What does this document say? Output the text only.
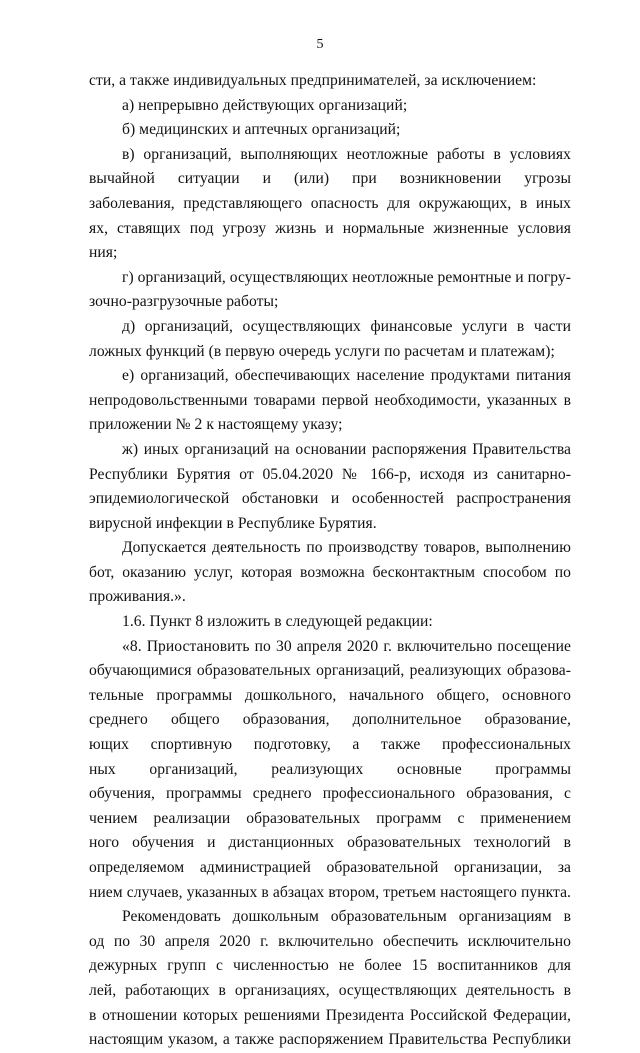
5
сти, а также индивидуальных предпринимателей, за исключением:
а) непрерывно действующих организаций;
б) медицинских и аптечных организаций;
в) организаций, выполняющих неотложные работы в условиях
вычайной ситуации и (или) при возникновении угрозы
заболевания, представляющего опасность для окружающих, в иных
ях, ставящих под угрозу жизнь и нормальные жизненные условия
ния;
г) организаций, осуществляющих неотложные ремонтные и погру-
зочно-разгрузочные работы;
д) организаций, осуществляющих финансовые услуги в части
ложных функций (в первую очередь услуги по расчетам и платежам);
е) организаций, обеспечивающих население продуктами питания
непродовольственными товарами первой необходимости, указанных в
приложении № 2 к настоящему указу;
ж) иных организаций на основании распоряжения Правительства
Республики Бурятия от 05.04.2020 № 166-р, исходя из санитарно-
эпидемиологической обстановки и особенностей распространения
вирусной инфекции в Республике Бурятия.
Допускается деятельность по производству товаров, выполнению
бот, оказанию услуг, которая возможна бесконтактным способом по
проживания.».
1.6. Пункт 8 изложить в следующей редакции:
«8. Приостановить по 30 апреля 2020 г. включительно посещение
обучающимися образовательных организаций, реализующих образова-
тельные программы дошкольного, начального общего, основного
среднего общего образования, дополнительное образование,
ющих спортивную подготовку, а также профессиональных
ных организаций, реализующих основные программы
обучения, программы среднего профессионального образования, с
чением реализации образовательных программ с применением
ного обучения и дистанционных образовательных технологий в
определяемом администрацией образовательной организации, за
нием случаев, указанных в абзацах втором, третьем настоящего пункта.
Рекомендовать дошкольным образовательным организациям в
од по 30 апреля 2020 г. включительно обеспечить исключительно
дежурных групп с численностью не более 15 воспитанников для
лей, работающих в организациях, осуществляющих деятельность в
в отношении которых решениями Президента Российской Федерации,
настоящим указом, а также распоряжением Правительства Республики
